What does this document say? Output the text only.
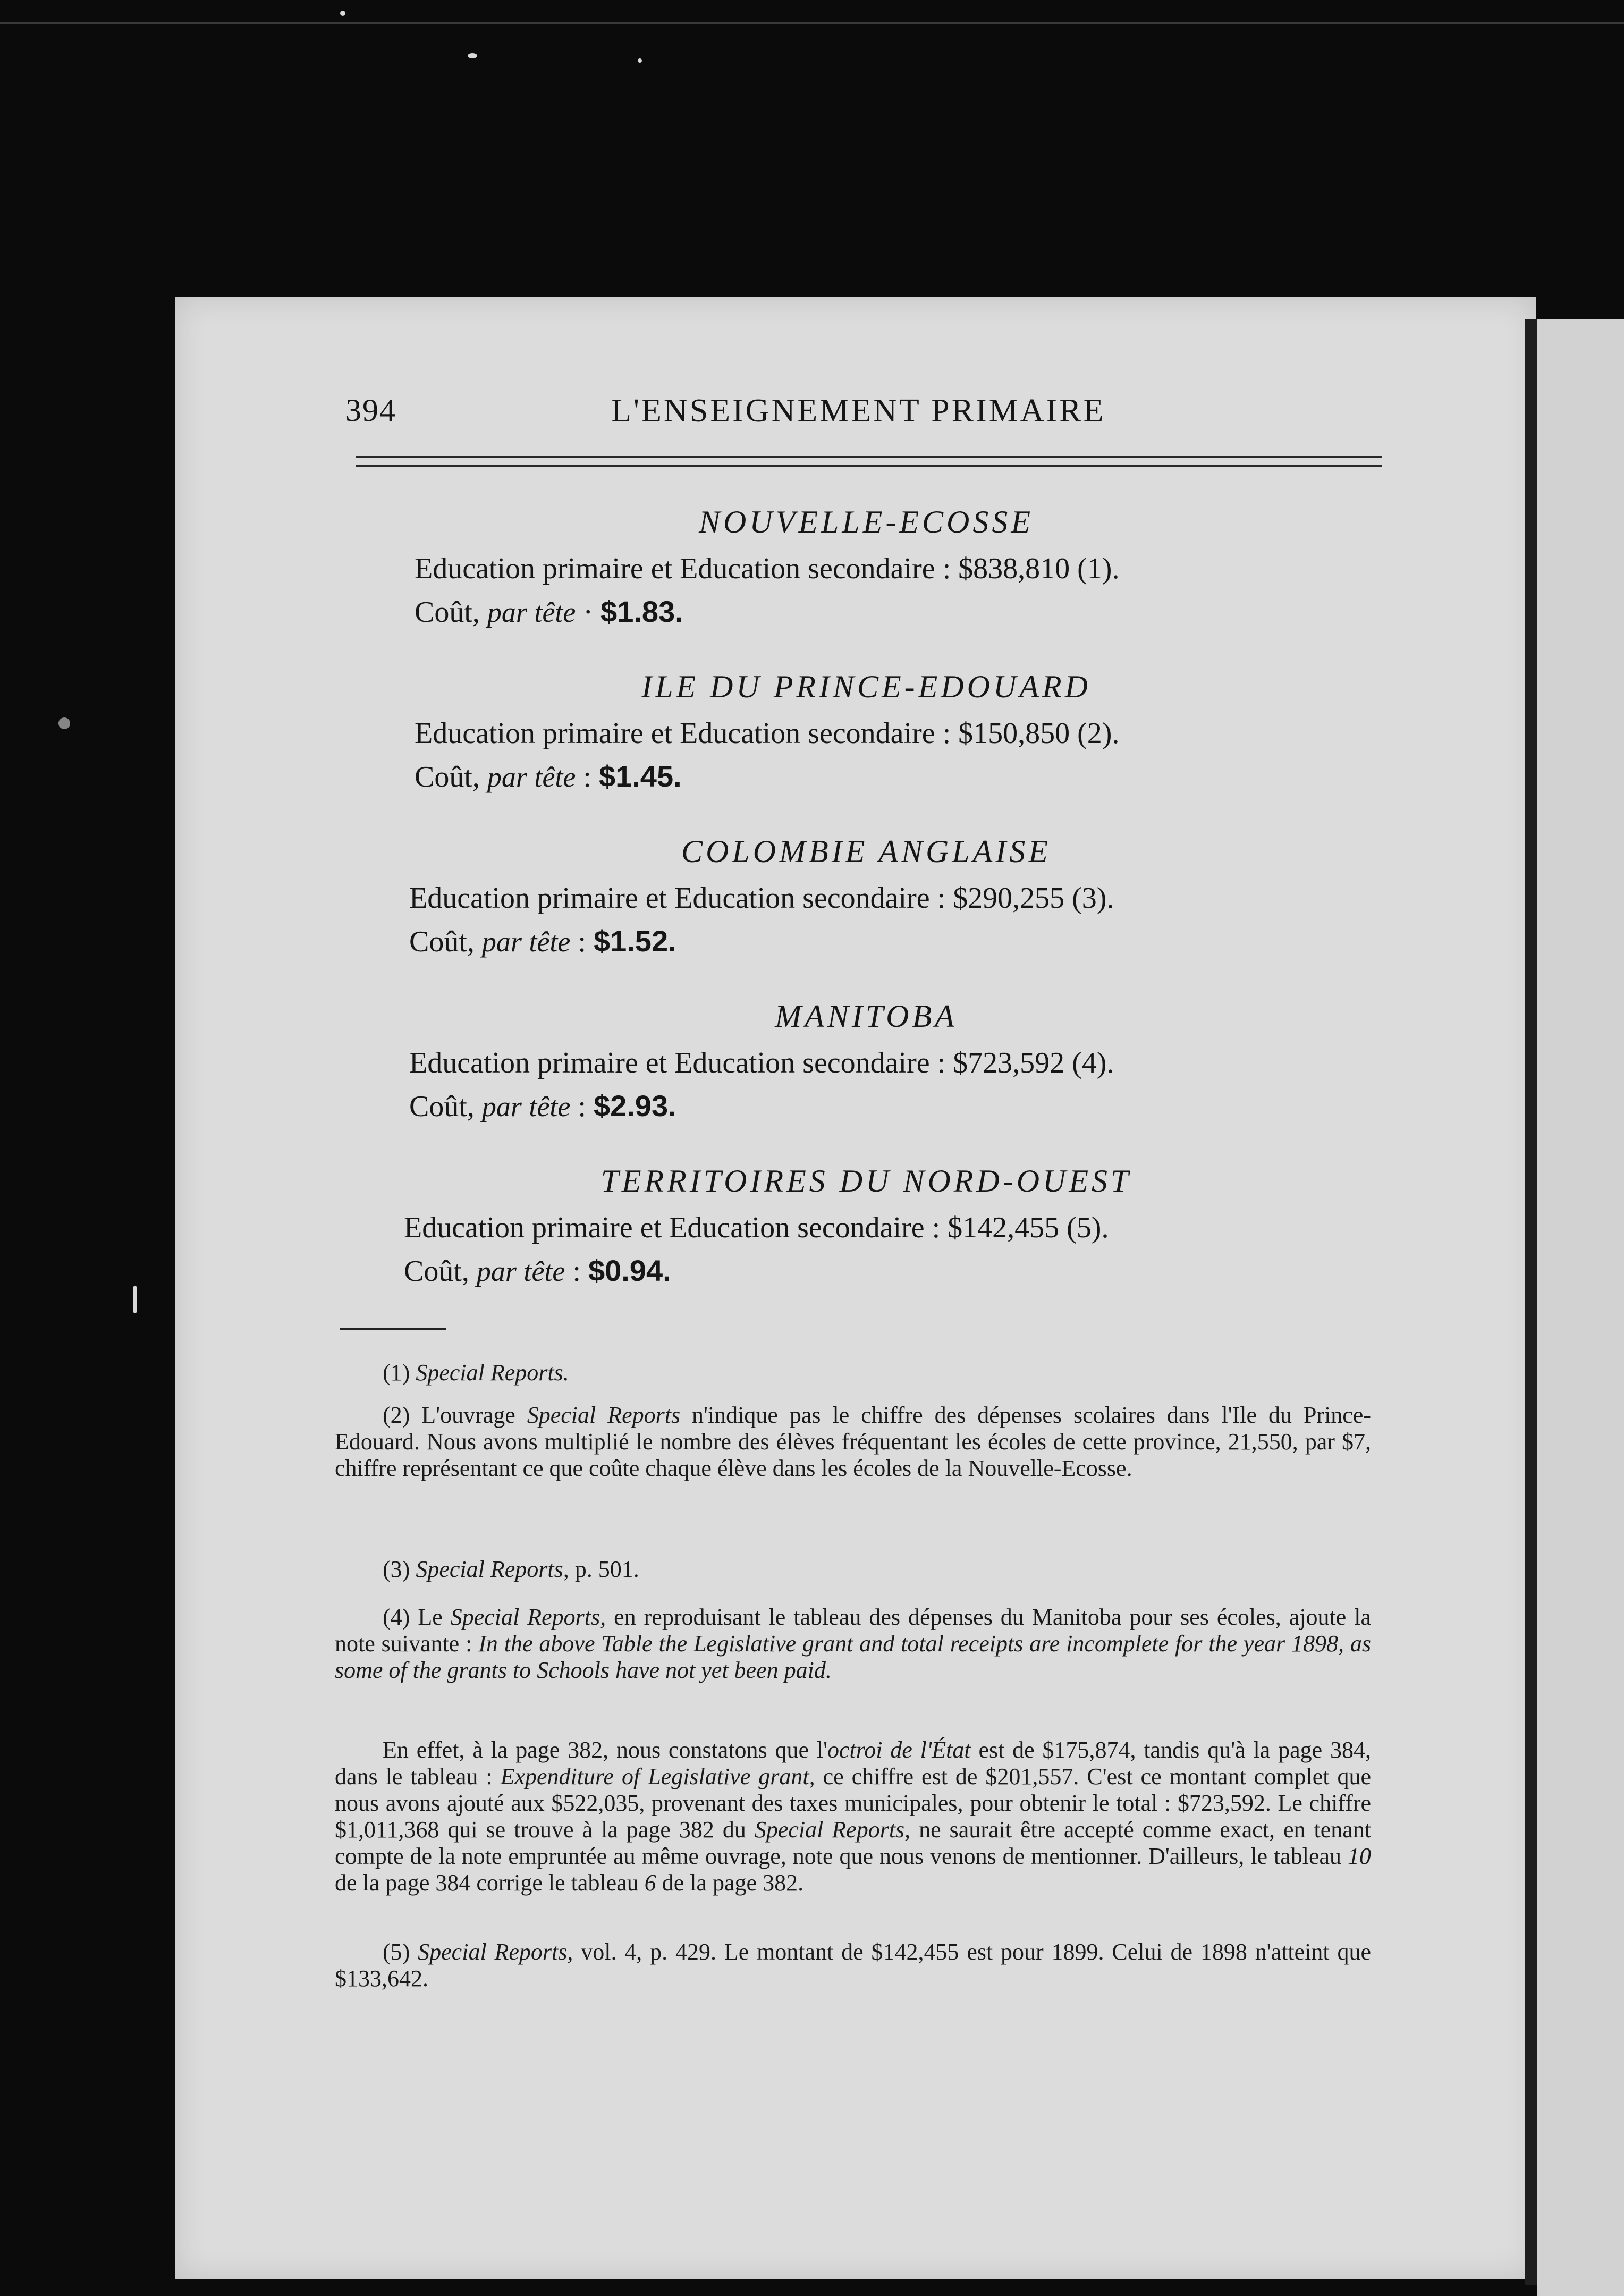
394	L'ENSEIGNEMENT PRIMAIRE
NOUVELLE-ECOSSE
Education primaire et Education secondaire : $838,810 (1).
Coût, par tête · $1.83.
ILE DU PRINCE-EDOUARD
Education primaire et Education secondaire : $150,850 (2).
Coût, par tête : $1.45.
COLOMBIE ANGLAISE
Education primaire et Education secondaire : $290,255 (3).
Coût, par tête : $1.52.
MANITOBA
Education primaire et Education secondaire : $723,592 (4).
Coût, par tête : $2.93.
TERRITOIRES DU NORD-OUEST
Education primaire et Education secondaire : $142,455 (5).
Coût, par tête : $0.94.
(1) Special Reports.
(2) L'ouvrage Special Reports n'indique pas le chiffre des dépenses scolaires dans l'Ile du Prince-Edouard. Nous avons multiplié le nombre des élèves fréquentant les écoles de cette province, 21,550, par $7, chiffre représentant ce que coûte chaque élève dans les écoles de la Nouvelle-Ecosse.
(3) Special Reports, p. 501.
(4) Le Special Reports, en reproduisant le tableau des dépenses du Manitoba pour ses écoles, ajoute la note suivante : In the above Table the Legislative grant and total receipts are incomplete for the year 1898, as some of the grants to Schools have not yet been paid.
En effet, à la page 382, nous constatons que l'octroi de l'État est de $175,874, tandis qu'à la page 384, dans le tableau : Expenditure of Legislative grant, ce chiffre est de $201,557. C'est ce montant complet que nous avons ajouté aux $522,035, provenant des taxes municipales, pour obtenir le total : $723,592. Le chiffre $1,011,368 qui se trouve à la page 382 du Special Reports, ne saurait être accepté comme exact, en tenant compte de la note empruntée au même ouvrage, note que nous venons de mentionner. D'ailleurs, le tableau 10 de la page 384 corrige le tableau 6 de la page 382.
(5) Special Reports, vol. 4, p. 429. Le montant de $142,455 est pour 1899. Celui de 1898 n'atteint que $133,642.
